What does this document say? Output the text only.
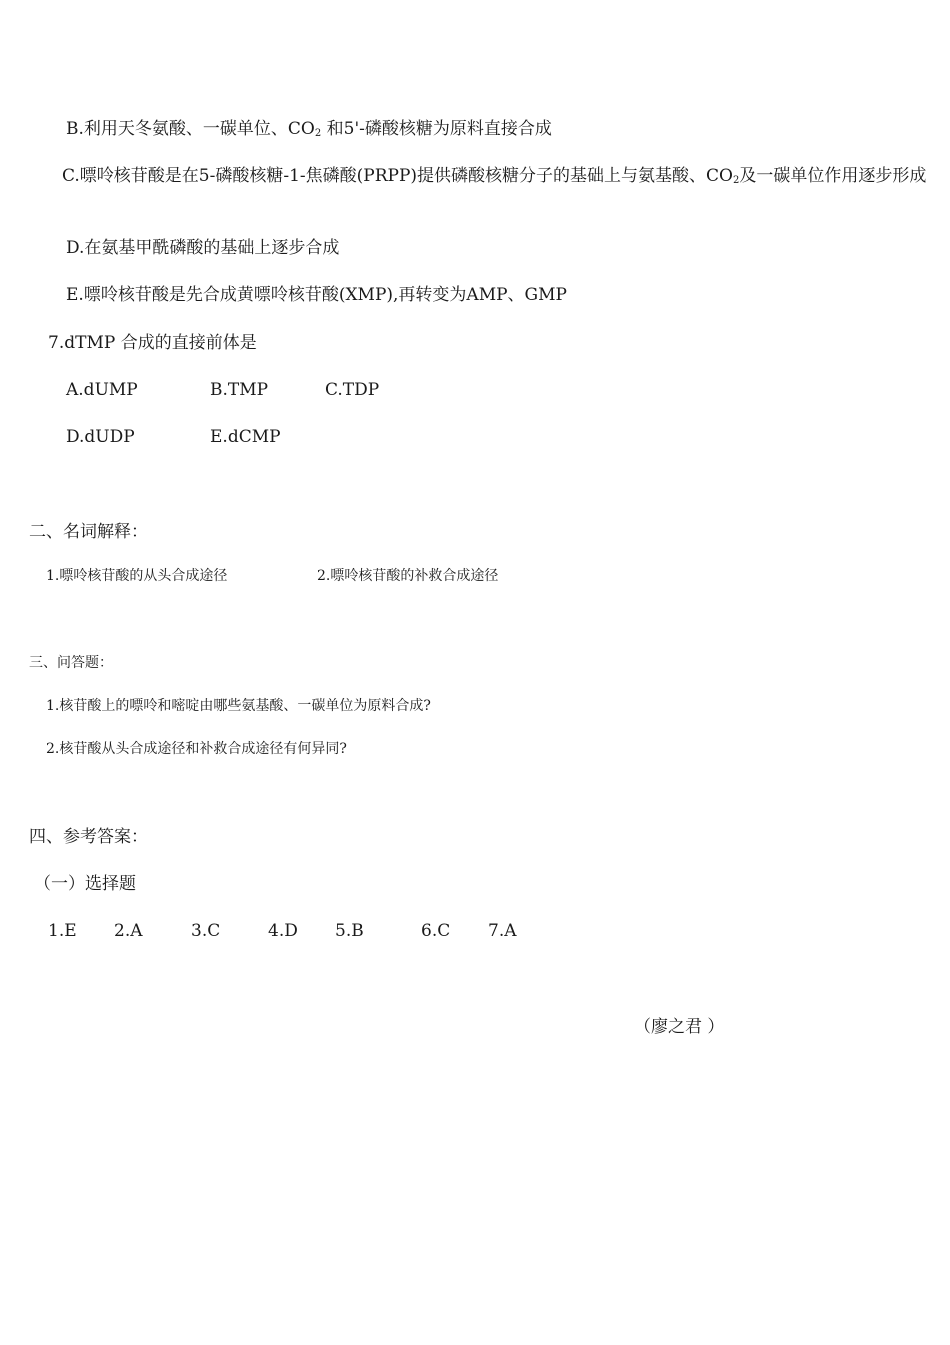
B.利用天冬氨酸、一碳单位、$CO_2$ 和5'-磷酸核糖为原料直接合成
C.嘌呤核苷酸是在5-磷酸核糖-1-焦磷酸(PRPP)提供磷酸核糖分子的基础上与氨基酸、$CO_2$及一碳单位作用逐步形成
D.在氨基甲酰磷酸的基础上逐步合成
E.嘌呤核苷酸是先合成黄嘌呤核苷酸(XMP),再转变为AMP、GMP
7.dTMP 合成的直接前体是
A.dUMP	B.TMP	C.TDP
D.dUDP	E.dCMP
二、名词解释：
1.嘌呤核苷酸的从头合成途径	2.嘌呤核苷酸的补救合成途径
三、问答题：
1.核苷酸上的嘌呤和嘧啶由哪些氨基酸、一碳单位为原料合成?
2.核苷酸从头合成途径和补救合成途径有何异同?
四、参考答案：
（一）选择题
1.E 2.A	3.C	4.D 5.B	6.C 7.A
（廖之君 ）
